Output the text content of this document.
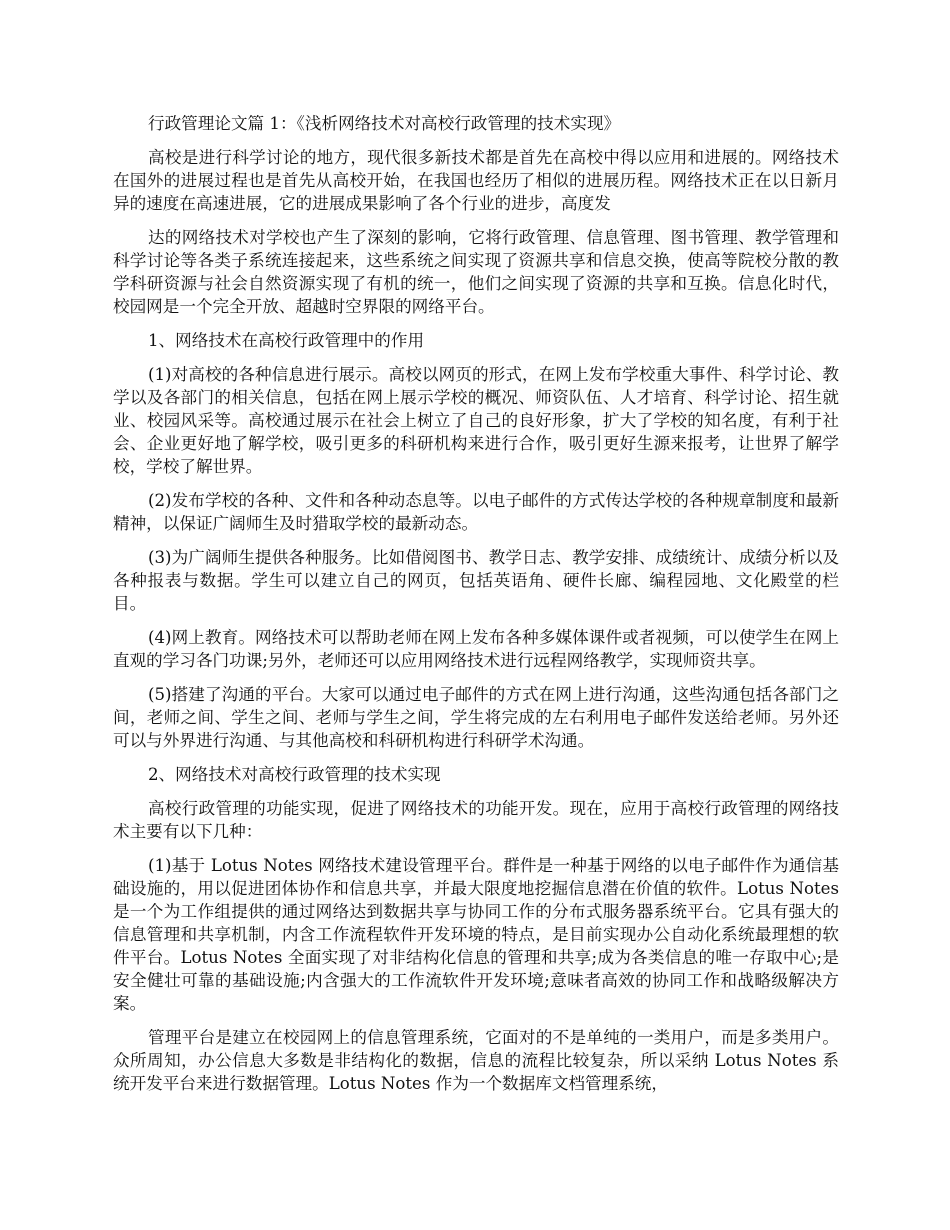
行政管理论文篇 1：《浅析网络技术对高校行政管理的技术实现》

高校是进行科学讨论的地方，现代很多新技术都是首先在高校中得以应用和进展的。网络技术在国外的进展过程也是首先从高校开始，在我国也经历了相似的进展历程。网络技术正在以日新月异的速度在高速进展，它的进展成果影响了各个行业的进步，高度发

达的网络技术对学校也产生了深刻的影响，它将行政管理、信息管理、图书管理、教学管理和科学讨论等各类子系统连接起来，这些系统之间实现了资源共享和信息交换，使高等院校分散的教学科研资源与社会自然资源实现了有机的统一，他们之间实现了资源的共享和互换。信息化时代，校园网是一个完全开放、超越时空界限的网络平台。

1、网络技术在高校行政管理中的作用

(1)对高校的各种信息进行展示。高校以网页的形式，在网上发布学校重大事件、科学讨论、教学以及各部门的相关信息，包括在网上展示学校的概况、师资队伍、人才培育、科学讨论、招生就业、校园风采等。高校通过展示在社会上树立了自己的良好形象，扩大了学校的知名度，有利于社会、企业更好地了解学校，吸引更多的科研机构来进行合作，吸引更好生源来报考，让世界了解学校，学校了解世界。

(2)发布学校的各种、文件和各种动态息等。以电子邮件的方式传达学校的各种规章制度和最新精神，以保证广阔师生及时猎取学校的最新动态。

(3)为广阔师生提供各种服务。比如借阅图书、教学日志、教学安排、成绩统计、成绩分析以及各种报表与数据。学生可以建立自己的网页，包括英语角、硬件长廊、编程园地、文化殿堂的栏目。

(4)网上教育。网络技术可以帮助老师在网上发布各种多媒体课件或者视频，可以使学生在网上直观的学习各门功课;另外，老师还可以应用网络技术进行远程网络教学，实现师资共享。

(5)搭建了沟通的平台。大家可以通过电子邮件的方式在网上进行沟通，这些沟通包括各部门之间，老师之间、学生之间、老师与学生之间，学生将完成的左右利用电子邮件发送给老师。另外还可以与外界进行沟通、与其他高校和科研机构进行科研学术沟通。

2、网络技术对高校行政管理的技术实现

高校行政管理的功能实现，促进了网络技术的功能开发。现在，应用于高校行政管理的网络技术主要有以下几种：

(1)基于 Lotus Notes 网络技术建设管理平台。群件是一种基于网络的以电子邮件作为通信基础设施的，用以促进团体协作和信息共享，并最大限度地挖掘信息潜在价值的软件。Lotus Notes 是一个为工作组提供的通过网络达到数据共享与协同工作的分布式服务器系统平台。它具有强大的信息管理和共享机制，内含工作流程软件开发环境的特点，是目前实现办公自动化系统最理想的软件平台。Lotus Notes 全面实现了对非结构化信息的管理和共享;成为各类信息的唯一存取中心;是安全健壮可靠的基础设施;内含强大的工作流软件开发环境;意味者高效的协同工作和战略级解决方案。

管理平台是建立在校园网上的信息管理系统，它面对的不是单纯的一类用户，而是多类用户。众所周知，办公信息大多数是非结构化的数据，信息的流程比较复杂，所以采纳 Lotus Notes 系统开发平台来进行数据管理。Lotus Notes 作为一个数据库文档管理系统，
